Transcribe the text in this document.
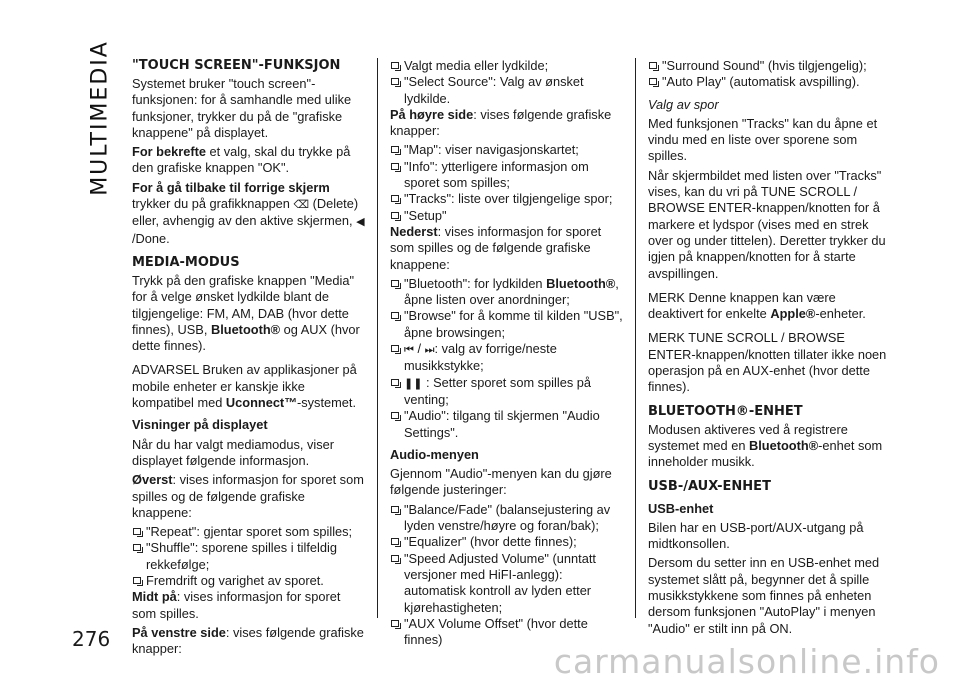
MULTIMEDIA
276
carmanualsonline.info
"TOUCH SCREEN"-FUNKSJON

Systemet bruker "touch screen"-funksjonen: for å samhandle med ulike funksjoner, trykker du på de "grafiske knappene" på displayet.

For bekrefte et valg, skal du trykke på den grafiske knappen "OK".

For å gå tilbake til forrige skjerm trykker du på grafikknappen ⌫ (Delete) eller, avhengig av den aktive skjermen, ◀ /Done.

MEDIA-MODUS

Trykk på den grafiske knappen "Media" for å velge ønsket lydkilde blant de tilgjengelige: FM, AM, DAB (hvor dette finnes), USB, Bluetooth® og AUX (hvor dette finnes).

ADVARSEL Bruken av applikasjoner på mobile enheter er kanskje ikke kompatibel med Uconnect™-systemet.

Visninger på displayet

Når du har valgt mediamodus, viser displayet følgende informasjon.

Øverst: vises informasjon for sporet som spilles og de følgende grafiske knappene:

"Repeat": gjentar sporet som spilles;

"Shuffle": sporene spilles i tilfeldig rekkefølge;

Fremdrift og varighet av sporet.

Midt på: vises informasjon for sporet som spilles.

På venstre side: vises følgende grafiske knapper:

Valgt media eller lydkilde;

"Select Source": Valg av ønsket lydkilde.

På høyre side: vises følgende grafiske knapper:

"Map": viser navigasjonskartet;

"Info": ytterligere informasjon om sporet som spilles;

"Tracks": liste over tilgjengelige spor;

"Setup"

Nederst: vises informasjon for sporet som spilles og de følgende grafiske knappene:

"Bluetooth": for lydkilden Bluetooth®, åpne listen over anordninger;

"Browse" for å komme til kilden "USB", åpne browsingen;

⏮ / ⏭: valg av forrige/neste musikkstykke;

❚❚ : Setter sporet som spilles på venting;

"Audio": tilgang til skjermen "Audio Settings".

Audio-menyen

Gjennom "Audio"-menyen kan du gjøre følgende justeringer:

"Balance/Fade" (balansejustering av lyden venstre/høyre og foran/bak);

"Equalizer" (hvor dette finnes);

"Speed Adjusted Volume" (unntatt versjoner med HiFI-anlegg): automatisk kontroll av lyden etter kjørehastigheten;

"AUX Volume Offset" (hvor dette finnes)

"Surround Sound" (hvis tilgjengelig);

"Auto Play" (automatisk avspilling).

Valg av spor

Med funksjonen "Tracks" kan du åpne et vindu med en liste over sporene som spilles.

Når skjermbildet med listen over "Tracks" vises, kan du vri på TUNE SCROLL / BROWSE ENTER-knappen/knotten for å markere et lydspor (vises med en strek over og under tittelen). Deretter trykker du igjen på knappen/knotten for å starte avspillingen.

MERK Denne knappen kan være deaktivert for enkelte Apple®-enheter.

MERK TUNE SCROLL / BROWSE ENTER-knappen/knotten tillater ikke noen operasjon på en AUX-enhet (hvor dette finnes).

BLUETOOTH®-ENHET

Modusen aktiveres ved å registrere systemet med en Bluetooth®-enhet som inneholder musikk.

USB-/AUX-ENHET

USB-enhet

Bilen har en USB-port/AUX-utgang på midtkonsollen.

Dersom du setter inn en USB-enhet med systemet slått på, begynner det å spille musikkstykkene som finnes på enheten dersom funksjonen "AutoPlay" i menyen "Audio" er stilt inn på ON.
